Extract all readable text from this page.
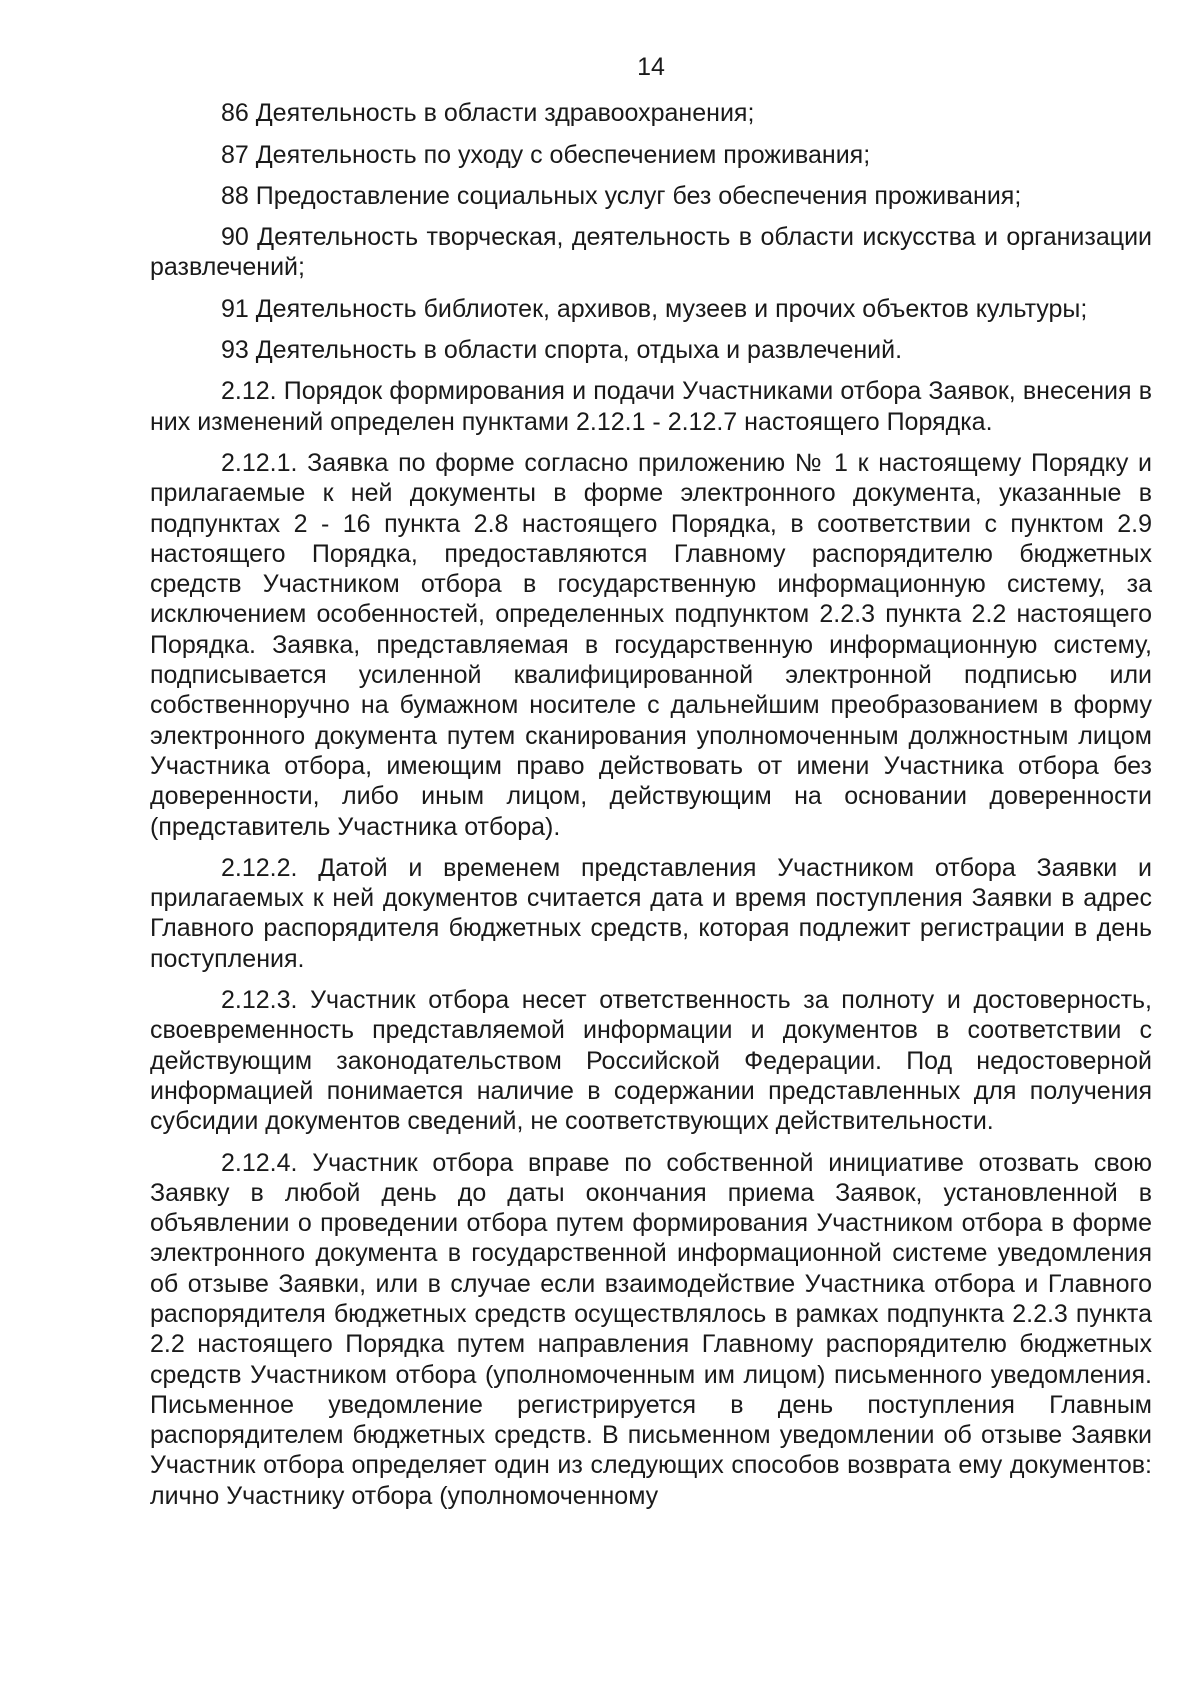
14
86 Деятельность в области здравоохранения;
87 Деятельность по уходу с обеспечением проживания;
88 Предоставление социальных услуг без обеспечения проживания;
90 Деятельность творческая, деятельность в области искусства и организации развлечений;
91 Деятельность библиотек, архивов, музеев и прочих объектов культуры;
93 Деятельность в области спорта, отдыха и развлечений.
2.12. Порядок формирования и подачи Участниками отбора Заявок, внесения в них изменений определен пунктами 2.12.1 - 2.12.7 настоящего Порядка.
2.12.1. Заявка по форме согласно приложению № 1 к настоящему Порядку и прилагаемые к ней документы в форме электронного документа, указанные в подпунктах 2 - 16 пункта 2.8 настоящего Порядка, в соответствии с пунктом 2.9 настоящего Порядка, предоставляются Главному распорядителю бюджетных средств Участником отбора в государственную информационную систему, за исключением особенностей, определенных подпунктом 2.2.3 пункта 2.2 настоящего Порядка. Заявка, представляемая в государственную информационную систему, подписывается усиленной квалифицированной электронной подписью или собственноручно на бумажном носителе с дальнейшим преобразованием в форму электронного документа путем сканирования уполномоченным должностным лицом Участника отбора, имеющим право действовать от имени Участника отбора без доверенности, либо иным лицом, действующим на основании доверенности (представитель Участника отбора).
2.12.2. Датой и временем представления Участником отбора Заявки и прилагаемых к ней документов считается дата и время поступления Заявки в адрес Главного распорядителя бюджетных средств, которая подлежит регистрации в день поступления.
2.12.3. Участник отбора несет ответственность за полноту и достоверность, своевременность представляемой информации и документов в соответствии с действующим законодательством Российской Федерации. Под недостоверной информацией понимается наличие в содержании представленных для получения субсидии документов сведений, не соответствующих действительности.
2.12.4. Участник отбора вправе по собственной инициативе отозвать свою Заявку в любой день до даты окончания приема Заявок, установленной в объявлении о проведении отбора путем формирования Участником отбора в форме электронного документа в государственной информационной системе уведомления об отзыве Заявки, или в случае если взаимодействие Участника отбора и Главного распорядителя бюджетных средств осуществлялось в рамках подпункта 2.2.3 пункта 2.2 настоящего Порядка путем направления Главному распорядителю бюджетных средств Участником отбора (уполномоченным им лицом) письменного уведомления. Письменное уведомление регистрируется в день поступления Главным распорядителем бюджетных средств. В письменном уведомлении об отзыве Заявки Участник отбора определяет один из следующих способов возврата ему документов: лично Участнику отбора (уполномоченному
